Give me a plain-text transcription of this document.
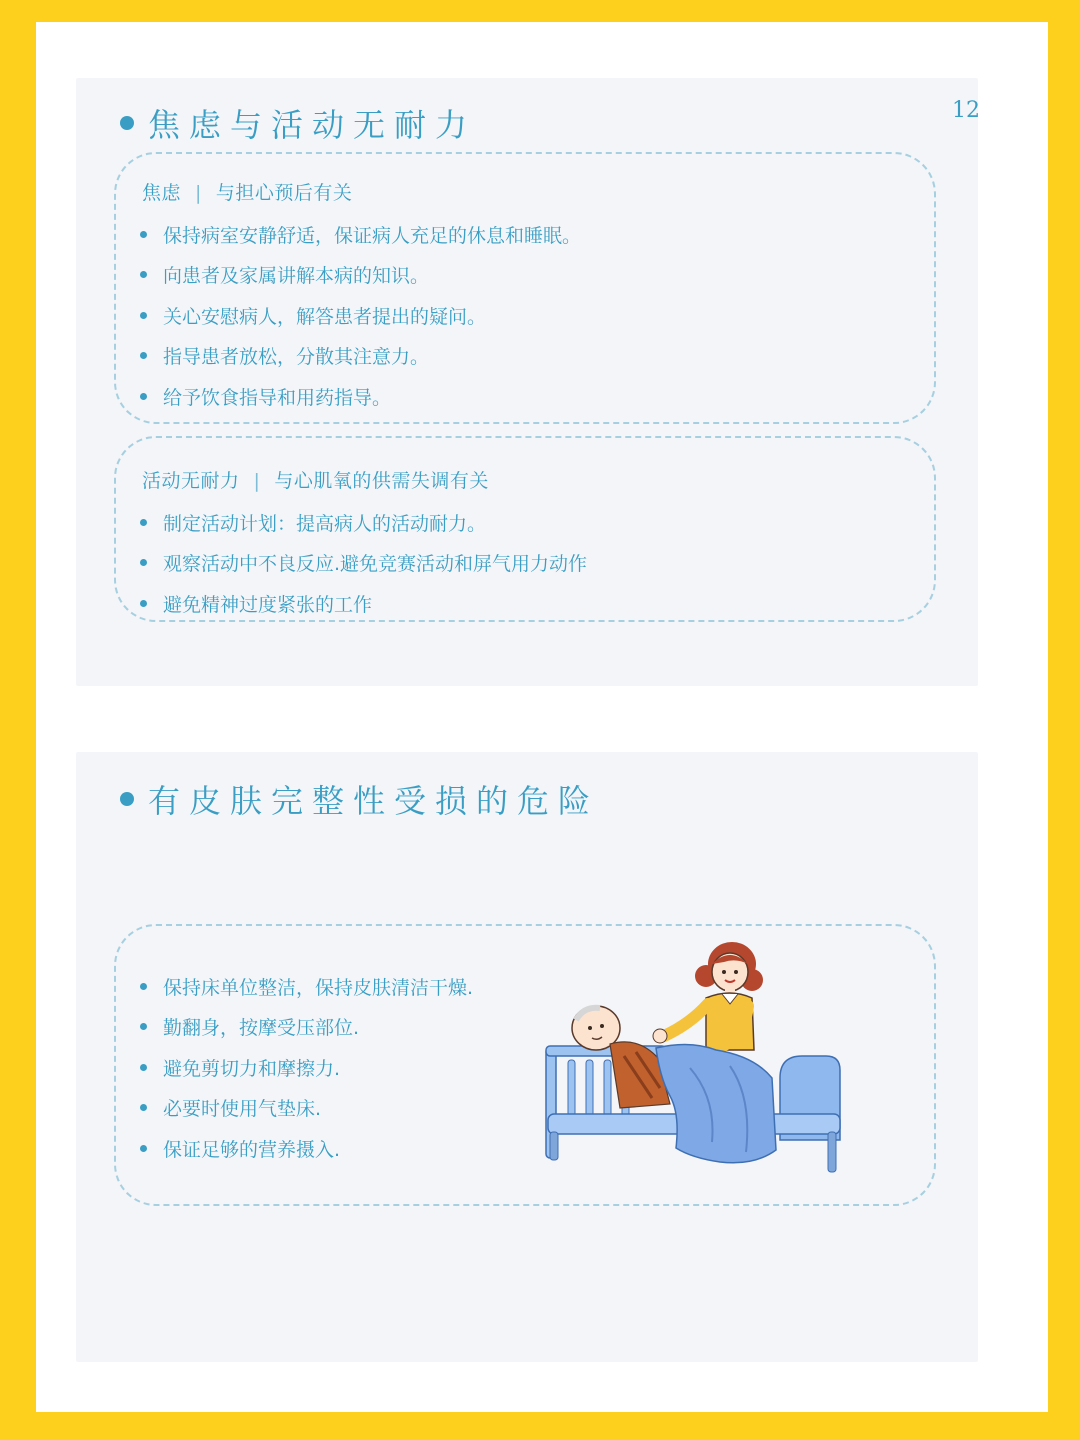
焦虑与活动无耐力	12
焦虑 | 与担心预后有关
保持病室安静舒适，保证病人充足的休息和睡眠。
向患者及家属讲解本病的知识。
关心安慰病人，解答患者提出的疑问。
指导患者放松，分散其注意力。
给予饮食指导和用药指导。
活动无耐力 | 与心肌氧的供需失调有关
制定活动计划：提高病人的活动耐力。
观察活动中不良反应.避免竞赛活动和屏气用力动作
避免精神过度紧张的工作
有皮肤完整性受损的危险
保持床单位整洁，保持皮肤清洁干燥.
勤翻身，按摩受压部位.
避免剪切力和摩擦力.
必要时使用气垫床.
保证足够的营养摄入.
